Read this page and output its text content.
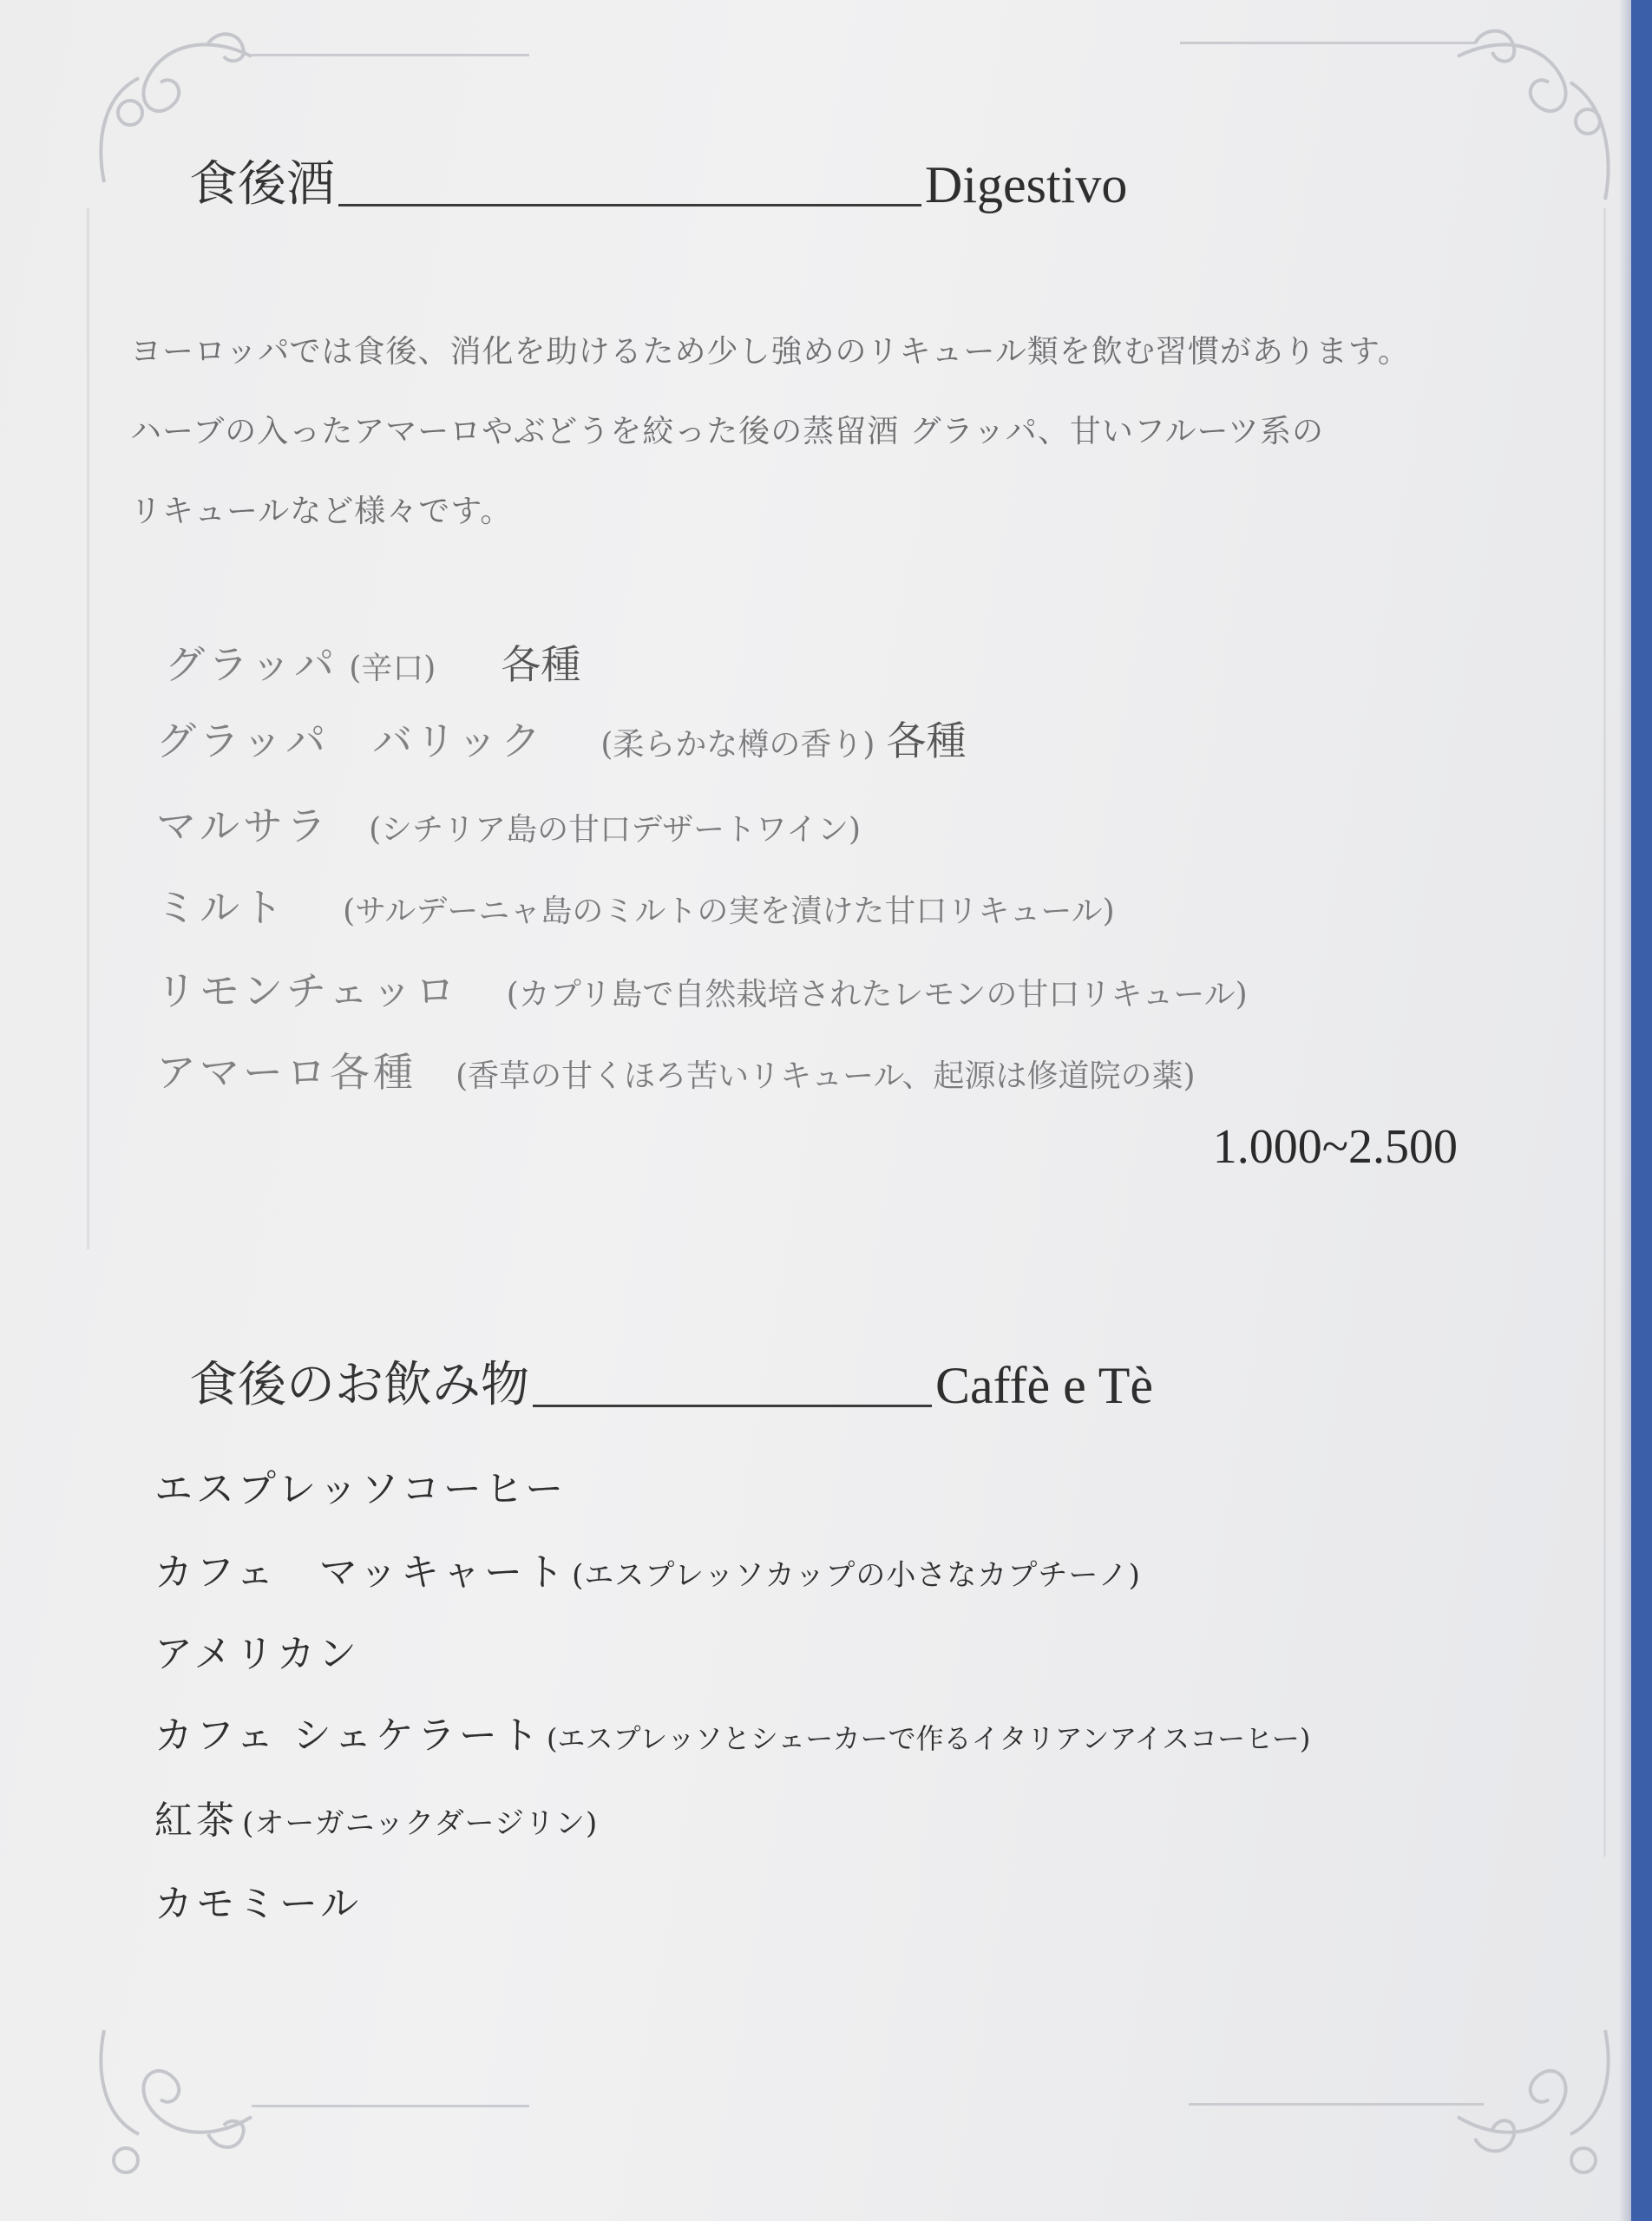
食後酒	Digestivo

ヨーロッパでは食後、消化を助けるため少し強めのリキュール類を飲む習慣があります。

ハーブの入ったアマーロやぶどうを絞った後の蒸留酒 グラッパ、甘いフルーツ系の

リキュールなど様々です。

グラッパ (辛口) 各種
グラッパ　バリック (柔らかな樽の香り) 各種
マルサラ (シチリア島の甘口デザートワイン)
ミルト (サルデーニャ島のミルトの実を漬けた甘口リキュール)
リモンチェッロ (カプリ島で自然栽培されたレモンの甘口リキュール)
アマーロ各種 (香草の甘くほろ苦いリキュール、起源は修道院の薬)
1.000~2.500
食後のお飲み物	Caffè e Tè
エスプレッソコーヒー
カフェ　マッキャート (エスプレッソカップの小さなカプチーノ)
アメリカン
カフェ シェケラート (エスプレッソとシェーカーで作るイタリアンアイスコーヒー)
紅茶 (オーガニックダージリン)
カモミール
